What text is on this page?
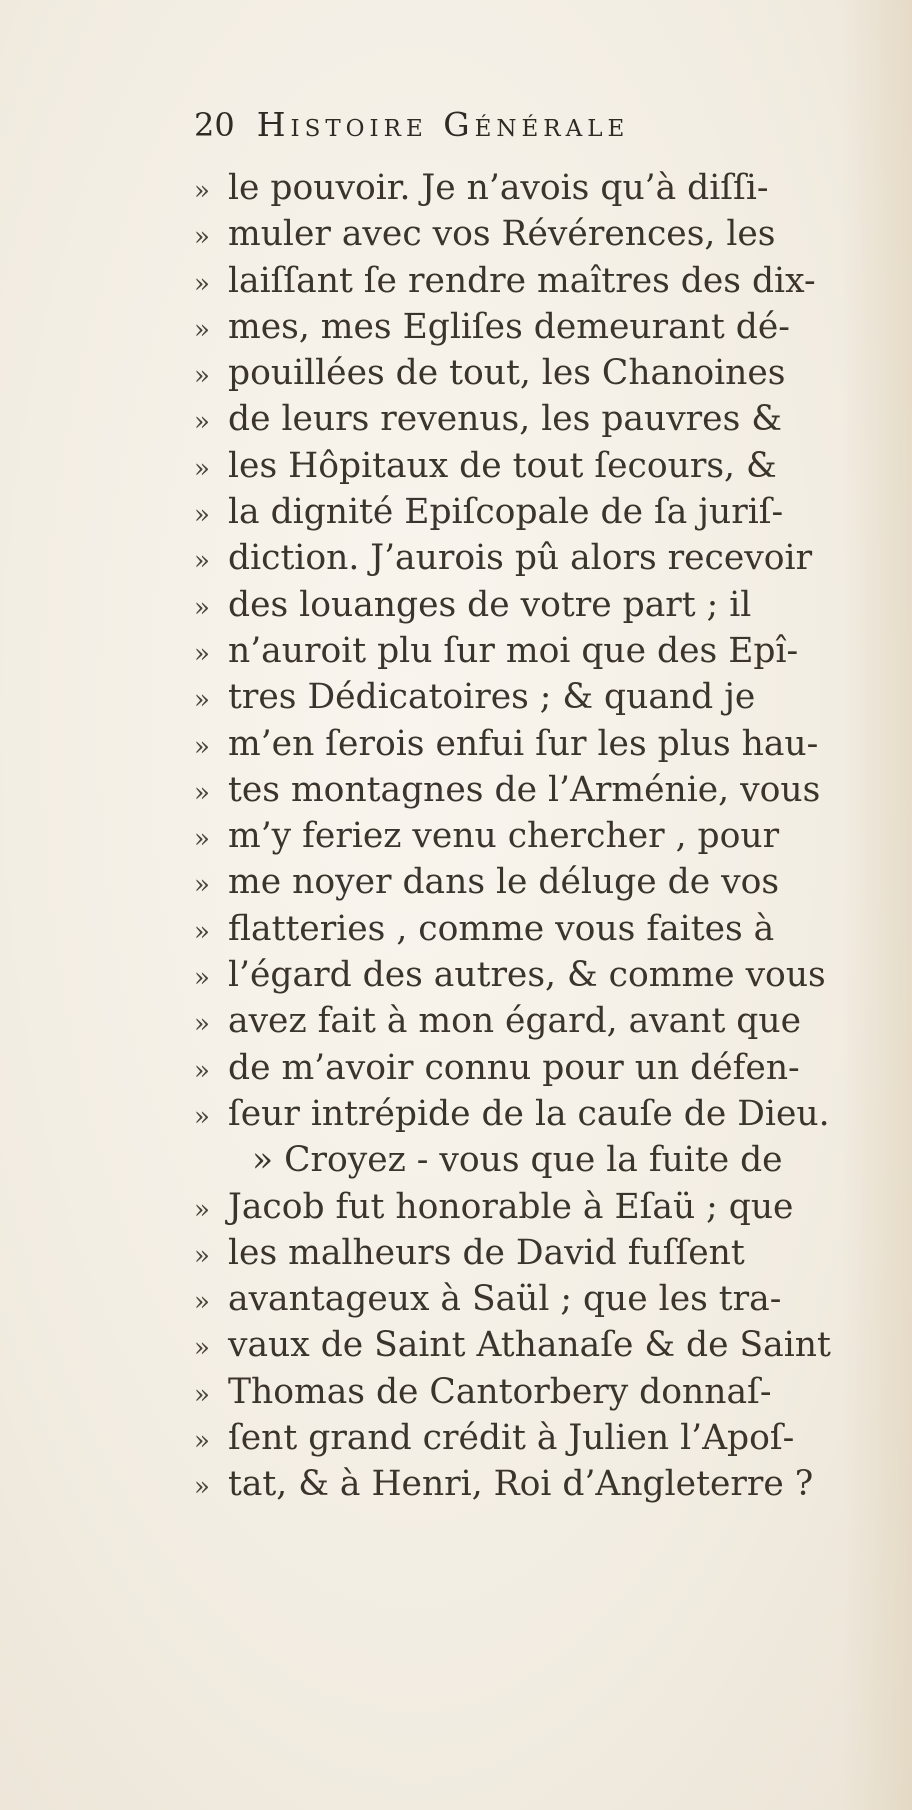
20 Histoire Générale
» le pouvoir. Je n’avois qu’à diſſi-
» muler avec vos Révérences, les
» laiſſant ſe rendre maîtres des dix-
» mes, mes Egliſes demeurant dé-
» pouillées de tout, les Chanoines
» de leurs revenus, les pauvres &
» les Hôpitaux de tout ſecours, &
» la dignité Epiſcopale de ſa juriſ-
» diction. J’aurois pû alors recevoir
» des louanges de votre part ; il
» n’auroit plu ſur moi que des Epî-
» tres Dédicatoires ; & quand je
» m’en ſerois enfui ſur les plus hau-
» tes montagnes de l’Arménie, vous
» m’y feriez venu chercher , pour
» me noyer dans le déluge de vos
» flatteries , comme vous faites à
» l’égard des autres, & comme vous
» avez fait à mon égard, avant que
» de m’avoir connu pour un défen-
» ſeur intrépide de la cauſe de Dieu.
» Croyez - vous que la fuite de
» Jacob fut honorable à Eſaü ; que
» les malheurs de David fuſſent
» avantageux à Saül ; que les tra-
» vaux de Saint Athanaſe & de Saint
» Thomas de Cantorbery donnaſ-
» ſent grand crédit à Julien l’Apoſ-
» tat, & à Henri, Roi d’Angleterre ?
